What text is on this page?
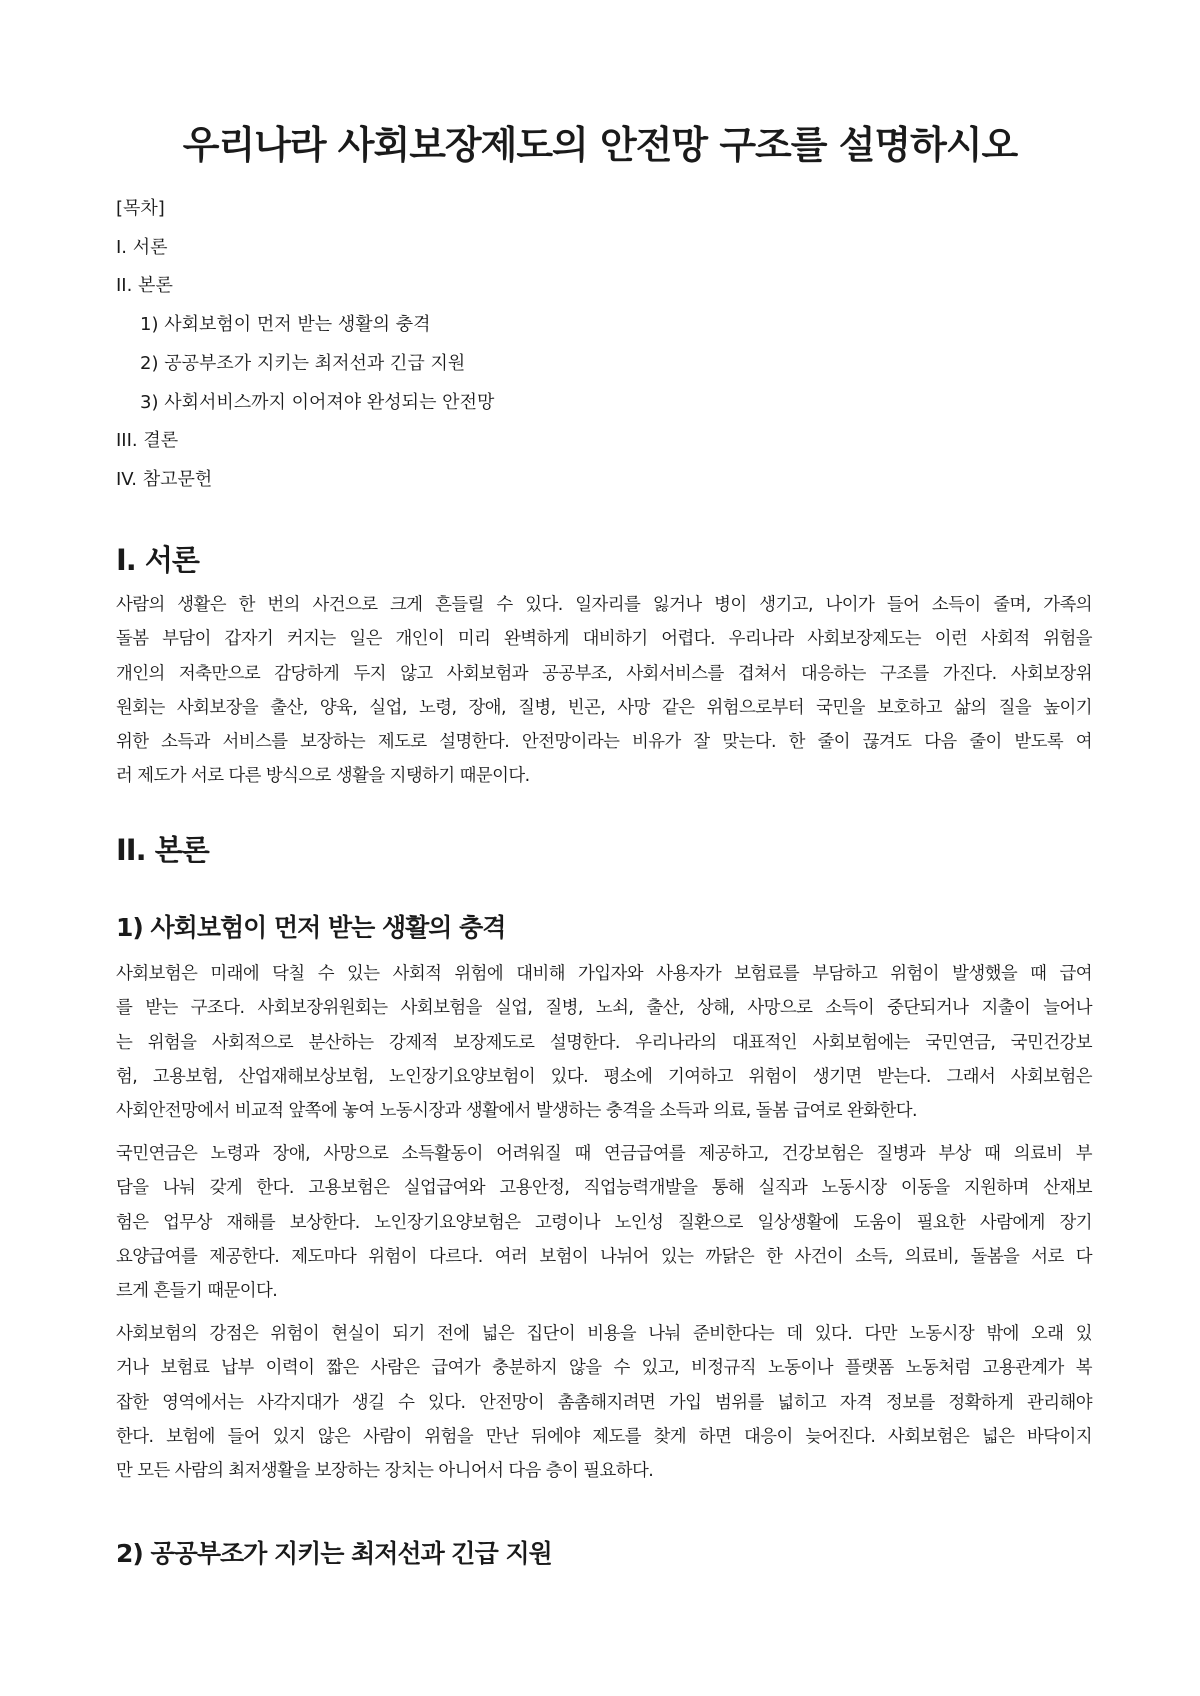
우리나라 사회보장제도의 안전망 구조를 설명하시오
[목차]
I. 서론
II. 본론
1) 사회보험이 먼저 받는 생활의 충격
2) 공공부조가 지키는 최저선과 긴급 지원
3) 사회서비스까지 이어져야 완성되는 안전망
III. 결론
IV. 참고문헌
I. 서론
사람의 생활은 한 번의 사건으로 크게 흔들릴 수 있다. 일자리를 잃거나 병이 생기고, 나이가 들어 소득이 줄며, 가족의
돌봄 부담이 갑자기 커지는 일은 개인이 미리 완벽하게 대비하기 어렵다. 우리나라 사회보장제도는 이런 사회적 위험을
개인의 저축만으로 감당하게 두지 않고 사회보험과 공공부조, 사회서비스를 겹쳐서 대응하는 구조를 가진다. 사회보장위
원회는 사회보장을 출산, 양육, 실업, 노령, 장애, 질병, 빈곤, 사망 같은 위험으로부터 국민을 보호하고 삶의 질을 높이기
위한 소득과 서비스를 보장하는 제도로 설명한다. 안전망이라는 비유가 잘 맞는다. 한 줄이 끊겨도 다음 줄이 받도록 여
러 제도가 서로 다른 방식으로 생활을 지탱하기 때문이다.
II. 본론
1) 사회보험이 먼저 받는 생활의 충격
사회보험은 미래에 닥칠 수 있는 사회적 위험에 대비해 가입자와 사용자가 보험료를 부담하고 위험이 발생했을 때 급여
를 받는 구조다. 사회보장위원회는 사회보험을 실업, 질병, 노쇠, 출산, 상해, 사망으로 소득이 중단되거나 지출이 늘어나
는 위험을 사회적으로 분산하는 강제적 보장제도로 설명한다. 우리나라의 대표적인 사회보험에는 국민연금, 국민건강보
험, 고용보험, 산업재해보상보험, 노인장기요양보험이 있다. 평소에 기여하고 위험이 생기면 받는다. 그래서 사회보험은
사회안전망에서 비교적 앞쪽에 놓여 노동시장과 생활에서 발생하는 충격을 소득과 의료, 돌봄 급여로 완화한다.
국민연금은 노령과 장애, 사망으로 소득활동이 어려워질 때 연금급여를 제공하고, 건강보험은 질병과 부상 때 의료비 부
담을 나눠 갖게 한다. 고용보험은 실업급여와 고용안정, 직업능력개발을 통해 실직과 노동시장 이동을 지원하며 산재보
험은 업무상 재해를 보상한다. 노인장기요양보험은 고령이나 노인성 질환으로 일상생활에 도움이 필요한 사람에게 장기
요양급여를 제공한다. 제도마다 위험이 다르다. 여러 보험이 나뉘어 있는 까닭은 한 사건이 소득, 의료비, 돌봄을 서로 다
르게 흔들기 때문이다.
사회보험의 강점은 위험이 현실이 되기 전에 넓은 집단이 비용을 나눠 준비한다는 데 있다. 다만 노동시장 밖에 오래 있
거나 보험료 납부 이력이 짧은 사람은 급여가 충분하지 않을 수 있고, 비정규직 노동이나 플랫폼 노동처럼 고용관계가 복
잡한 영역에서는 사각지대가 생길 수 있다. 안전망이 촘촘해지려면 가입 범위를 넓히고 자격 정보를 정확하게 관리해야
한다. 보험에 들어 있지 않은 사람이 위험을 만난 뒤에야 제도를 찾게 하면 대응이 늦어진다. 사회보험은 넓은 바닥이지
만 모든 사람의 최저생활을 보장하는 장치는 아니어서 다음 층이 필요하다.
2) 공공부조가 지키는 최저선과 긴급 지원
